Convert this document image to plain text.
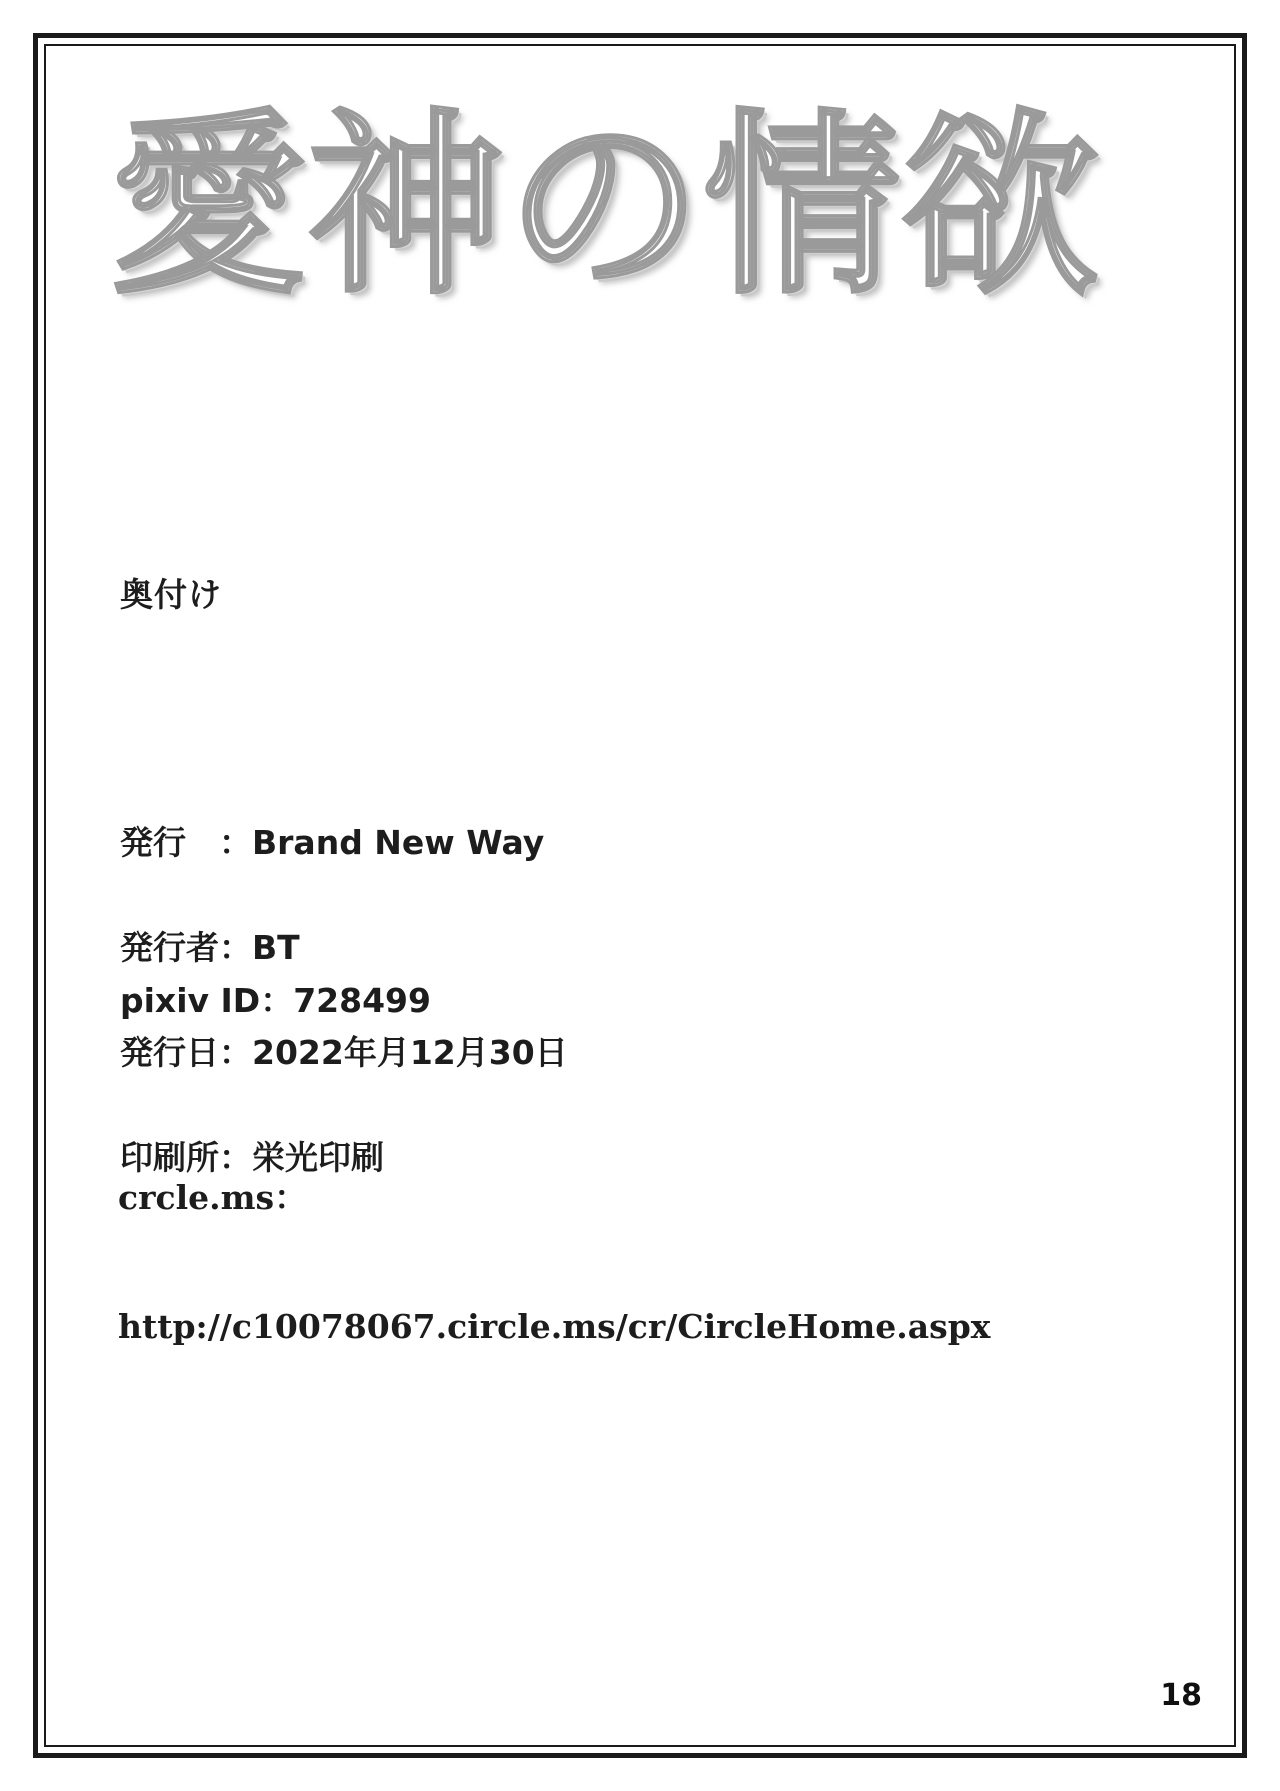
愛神の情欲
奥付け

発行　：Brand New Way

発行者：BT

発行日：2022年月12月30日

印刷所：栄光印刷

pixiv ID：728499

crcle.ms：

http://c10078067.circle.ms/cr/CircleHome.aspx

18
